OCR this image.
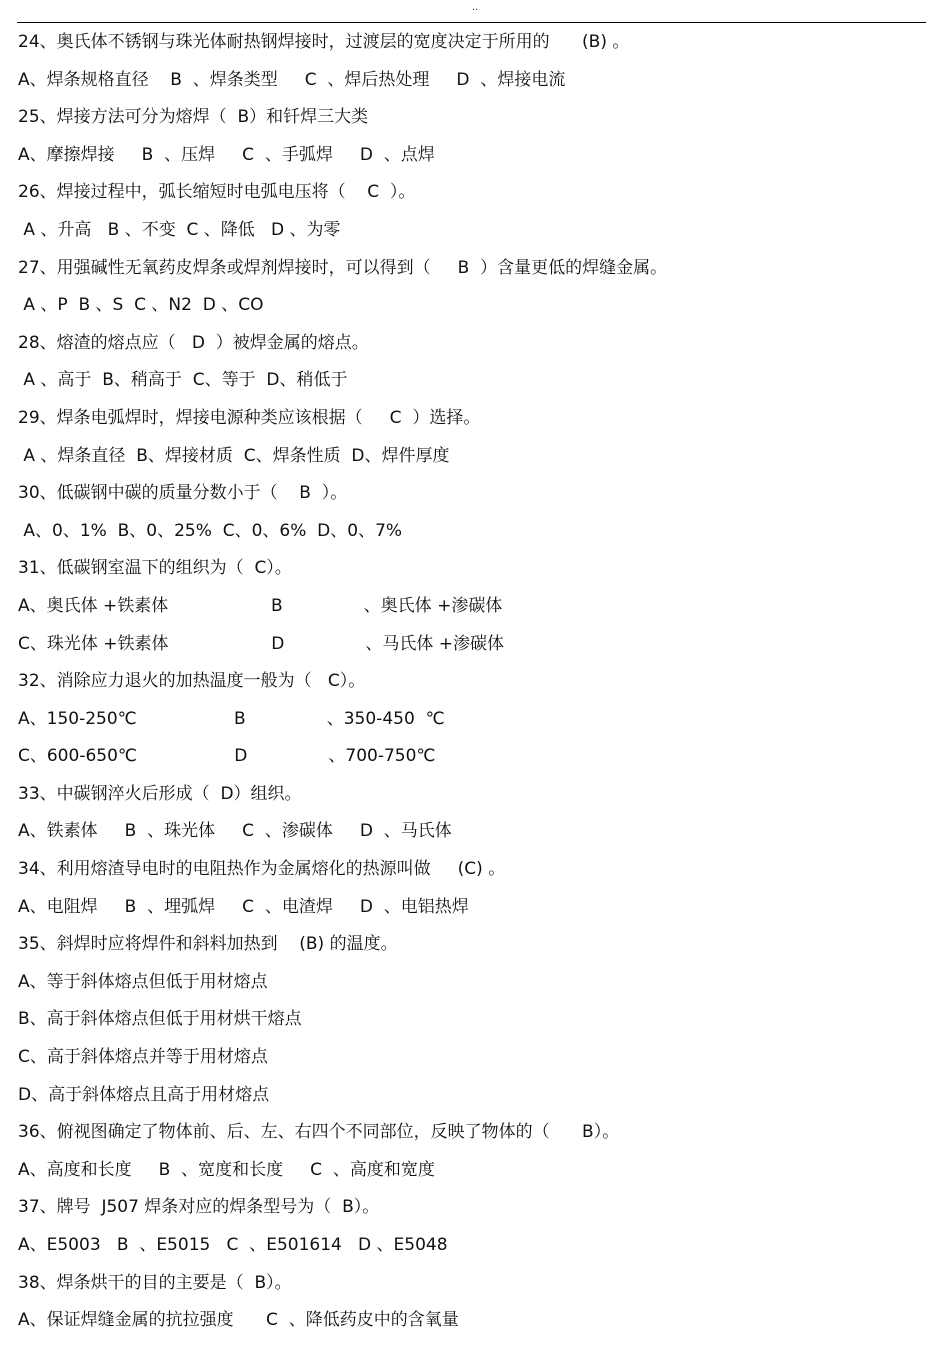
..
24、奥氏体不锈钢与珠光体耐热钢焊接时，过渡层的宽度决定于所用的      (B) 。
A、焊条规格直径    B  、焊条类型     C  、焊后热处理     D  、焊接电流
25、焊接方法可分为熔焊（  B）和钎焊三大类
A、摩擦焊接     B  、压焊     C  、手弧焊     D  、点焊
26、焊接过程中，弧长缩短时电弧电压将（    C  ）。
A 、升高   B 、不变  C 、降低   D 、为零
27、用强碱性无氧药皮焊条或焊剂焊接时，可以得到（     B  ）含量更低的焊缝金属。
A 、P  B 、S  C 、N2  D 、CO
28、熔渣的熔点应（   D  ）被焊金属的熔点。
A 、高于  B、稍高于  C、等于  D、稍低于
29、焊条电弧焊时，焊接电源种类应该根据（     C  ）选择。
A 、焊条直径  B、焊接材质  C、焊条性质  D、焊件厚度
30、低碳钢中碳的质量分数小于（    B  ）。
A、0、1%  B、0、25%  C、0、6%  D、0、7%
31、低碳钢室温下的组织为（  C）。
A、奥氏体 +铁素体                   B               、奥氏体 +渗碳体
C、珠光体 +铁素体                   D               、马氏体 +渗碳体
32、消除应力退火的加热温度一般为（   C）。
A、150-250℃                  B               、350-450  ℃
C、600-650℃                  D               、700-750℃
33、中碳钢淬火后形成（  D）组织。
A、铁素体     B  、珠光体     C  、渗碳体     D  、马氏体
34、利用熔渣导电时的电阻热作为金属熔化的热源叫做     (C) 。
A、电阻焊     B  、埋弧焊     C  、电渣焊     D  、电铝热焊
35、斜焊时应将焊件和斜料加热到    (B) 的温度。
A、等于斜体熔点但低于用材熔点
B、高于斜体熔点但低于用材烘干熔点
C、高于斜体熔点并等于用材熔点
D、高于斜体熔点且高于用材熔点
36、俯视图确定了物体前、后、左、右四个不同部位，反映了物体的（      B）。
A、高度和长度     B  、宽度和长度     C  、高度和宽度
37、牌号  J507 焊条对应的焊条型号为（  B）。
A、E5003   B  、E5015   C  、E501614   D 、E5048
38、焊条烘干的目的主要是（  B）。
A、保证焊缝金属的抗拉强度      C  、降低药皮中的含氧量
